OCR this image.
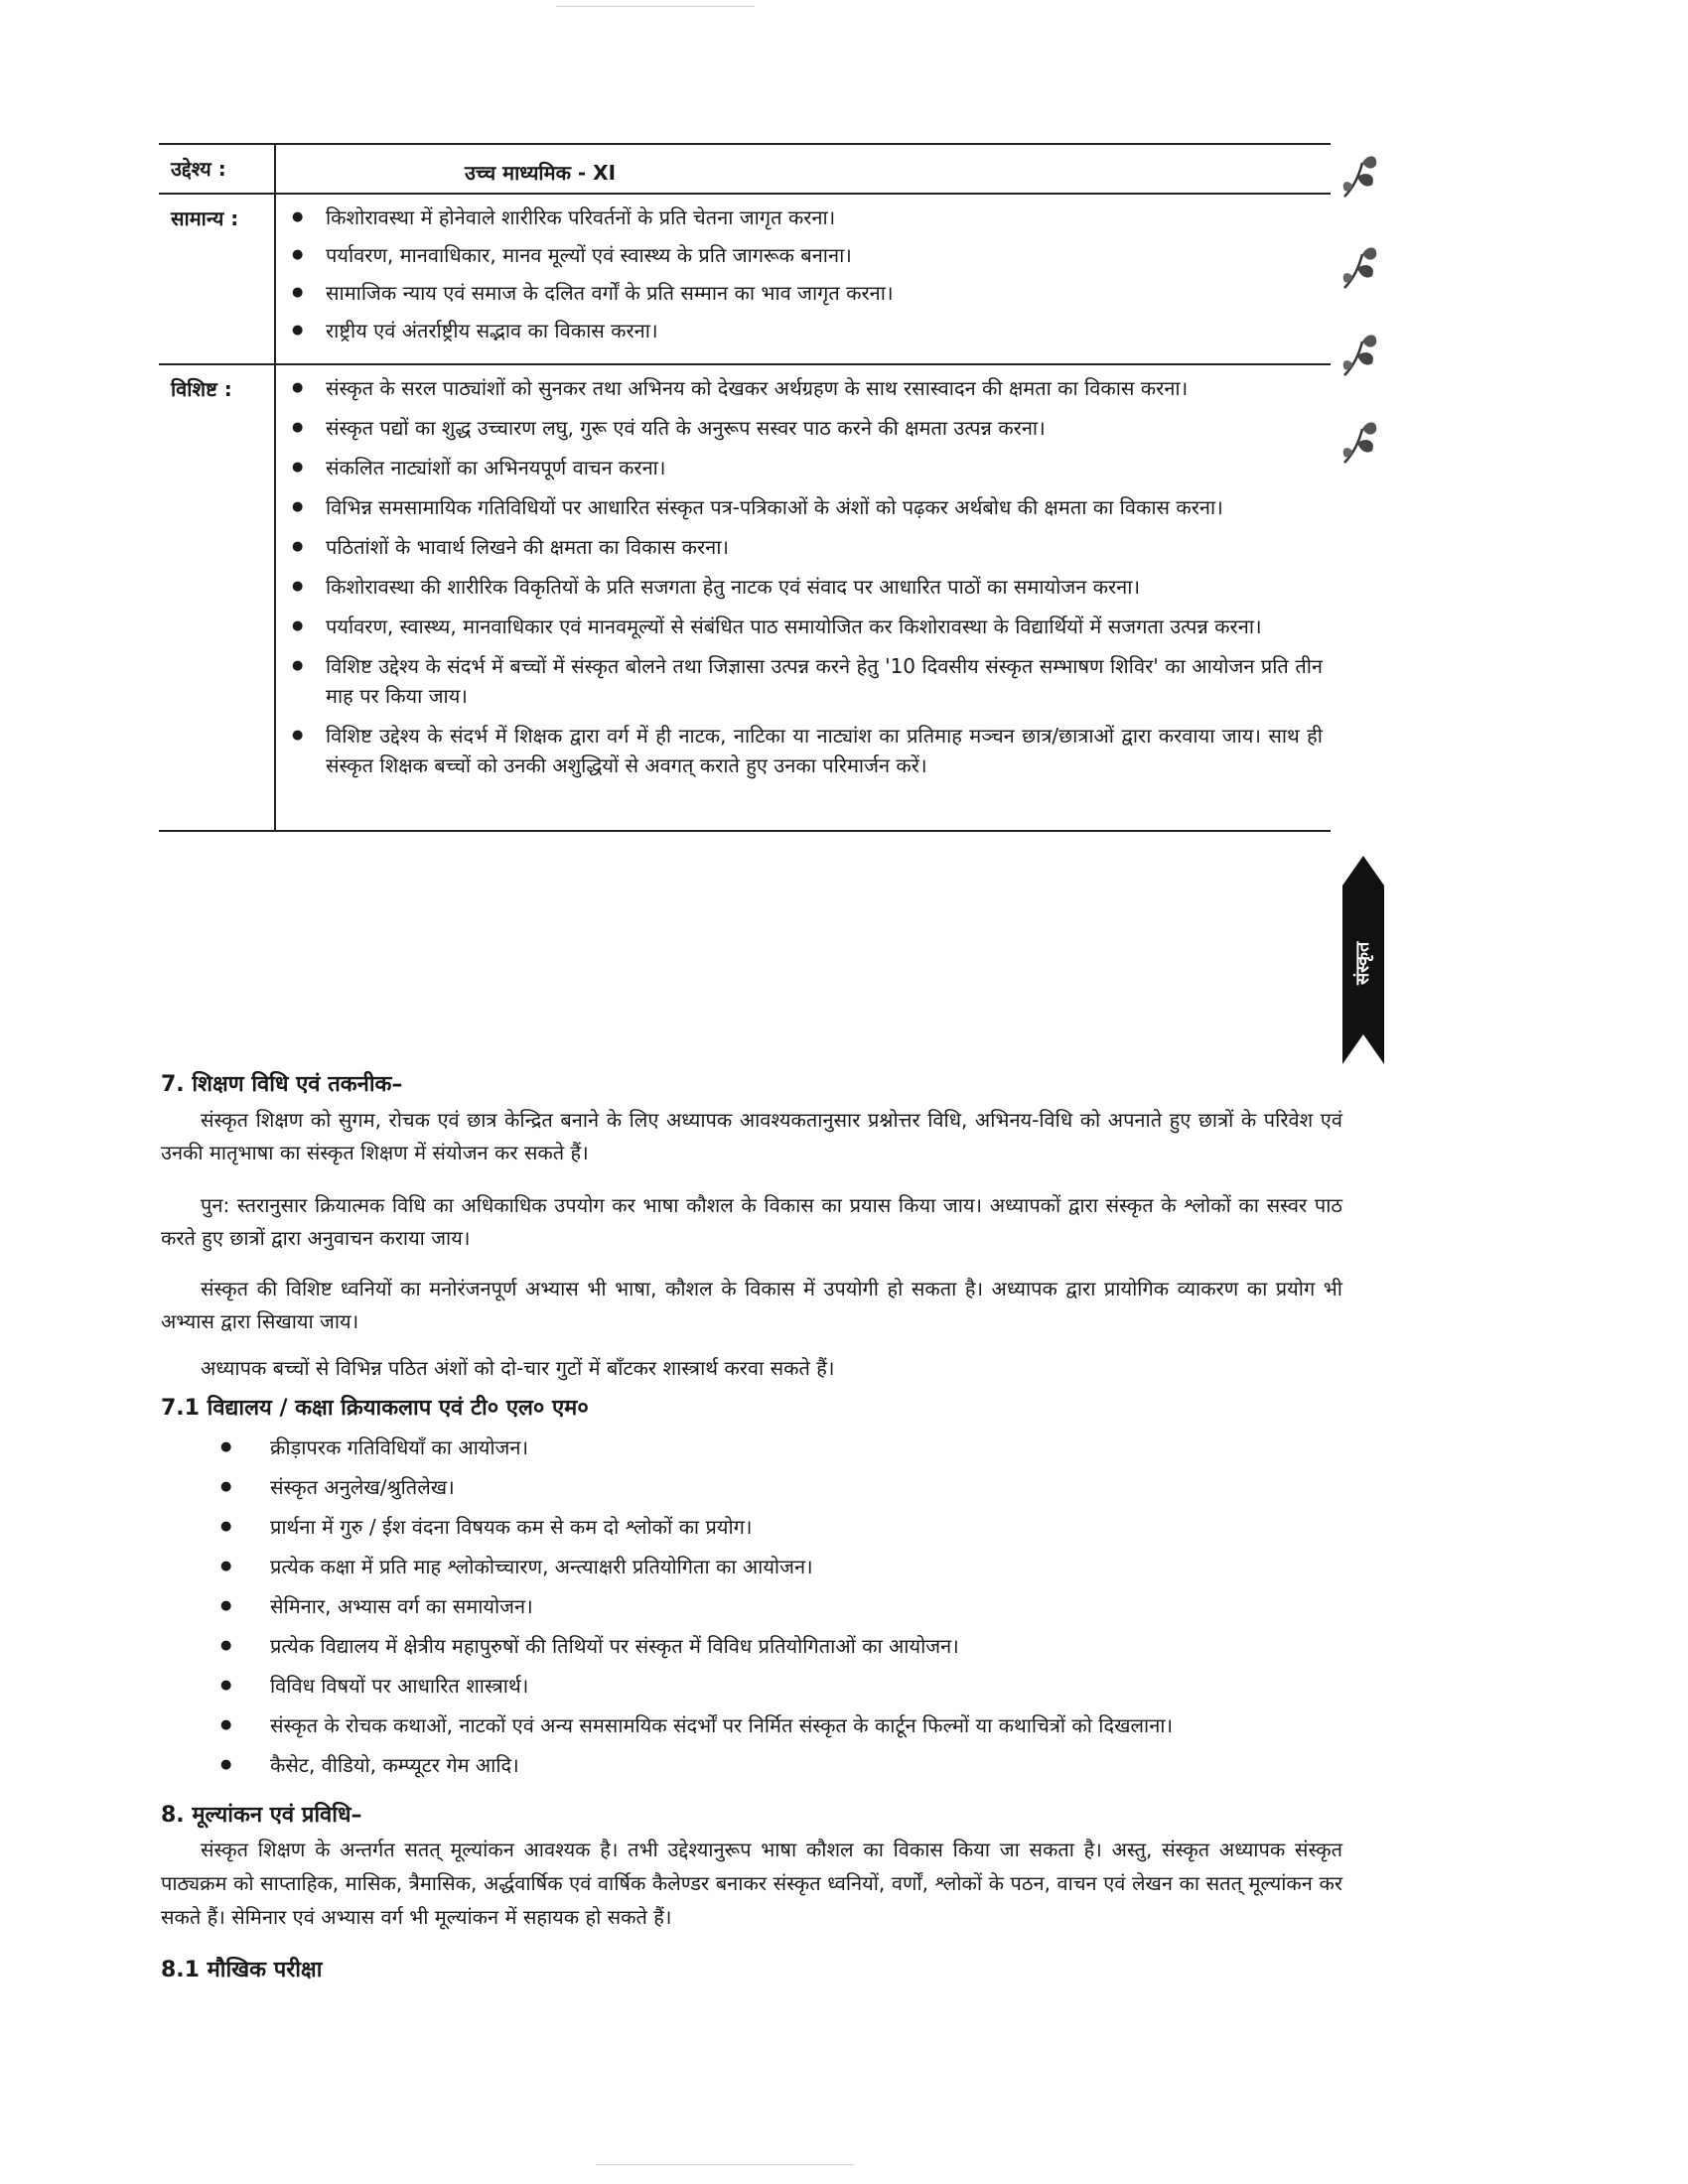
उद्देश्य :	उच्च माध्यमिक - XI
सामान्य :	● किशोरावस्था में होनेवाले शारीरिक परिवर्तनों के प्रति चेतना जागृत करना।
● पर्यावरण, मानवाधिकार, मानव मूल्यों एवं स्वास्थ्य के प्रति जागरूक बनाना।
● सामाजिक न्याय एवं समाज के दलित वर्गों के प्रति सम्मान का भाव जागृत करना।
● राष्ट्रीय एवं अंतर्राष्ट्रीय सद्भाव का विकास करना।
विशिष्ट :	● संस्कृत के सरल पाठ्यांशों को सुनकर तथा अभिनय को देखकर अर्थग्रहण के साथ रसास्वादन की क्षमता का विकास करना।
● संस्कृत पद्यों का शुद्ध उच्चारण लघु, गुरू एवं यति के अनुरूप सस्वर पाठ करने की क्षमता उत्पन्न करना।
● संकलित नाट्यांशों का अभिनयपूर्ण वाचन करना।
● विभिन्न समसामायिक गतिविधियों पर आधारित संस्कृत पत्र-पत्रिकाओं के अंशों को पढ़कर अर्थबोध की क्षमता का विकास करना।
● पठितांशों के भावार्थ लिखने की क्षमता का विकास करना।
● किशोरावस्था की शारीरिक विकृतियों के प्रति सजगता हेतु नाटक एवं संवाद पर आधारित पाठों का समायोजन करना।
● पर्यावरण, स्वास्थ्य, मानवाधिकार एवं मानवमूल्यों से संबंधित पाठ समायोजित कर किशोरावस्था के विद्यार्थियों में सजगता उत्पन्न करना।
● विशिष्ट उद्देश्य के संदर्भ में बच्चों में संस्कृत बोलने तथा जिज्ञासा उत्पन्न करने हेतु '10 दिवसीय संस्कृत सम्भाषण शिविर' का आयोजन प्रति तीन माह पर किया जाय।
● विशिष्ट उद्देश्य के संदर्भ में शिक्षक द्वारा वर्ग में ही नाटक, नाटिका या नाट्यांश का प्रतिमाह मञ्चन छात्र/छात्राओं द्वारा करवाया जाय। साथ ही संस्कृत शिक्षक बच्चों को उनकी अशुद्धियों से अवगत् कराते हुए उनका परिमार्जन करें।
संस्कृत
7. शिक्षण विधि एवं तकनीक–

संस्कृत शिक्षण को सुगम, रोचक एवं छात्र केन्द्रित बनाने के लिए अध्यापक आवश्यकतानुसार प्रश्नोत्तर विधि, अभिनय-विधि को अपनाते हुए छात्रों के परिवेश एवं उनकी मातृभाषा का संस्कृत शिक्षण में संयोजन कर सकते हैं।

पुन: स्तरानुसार क्रियात्मक विधि का अधिकाधिक उपयोग कर भाषा कौशल के विकास का प्रयास किया जाय। अध्यापकों द्वारा संस्कृत के श्लोकों का सस्वर पाठ करते हुए छात्रों द्वारा अनुवाचन कराया जाय।

संस्कृत की विशिष्ट ध्वनियों का मनोरंजनपूर्ण अभ्यास भी भाषा, कौशल के विकास में उपयोगी हो सकता है। अध्यापक द्वारा प्रायोगिक व्याकरण का प्रयोग भी अभ्यास द्वारा सिखाया जाय।

अध्यापक बच्चों से विभिन्न पठित अंशों को दो-चार गुटों में बाँटकर शास्त्रार्थ करवा सकते हैं।

7.1 विद्यालय / कक्षा क्रियाकलाप एवं टी० एल० एम०
● क्रीड़ापरक गतिविधियाँ का आयोजन।
● संस्कृत अनुलेख/श्रुतिलेख।
● प्रार्थना में गुरु / ईश वंदना विषयक कम से कम दो श्लोकों का प्रयोग।
● प्रत्येक कक्षा में प्रति माह श्लोकोच्चारण, अन्त्याक्षरी प्रतियोगिता का आयोजन।
● सेमिनार, अभ्यास वर्ग का समायोजन।
● प्रत्येक विद्यालय में क्षेत्रीय महापुरुषों की तिथियों पर संस्कृत में विविध प्रतियोगिताओं का आयोजन।
● विविध विषयों पर आधारित शास्त्रार्थ।
● संस्कृत के रोचक कथाओं, नाटकों एवं अन्य समसामयिक संदर्भों पर निर्मित संस्कृत के कार्टून फिल्मों या कथाचित्रों को दिखलाना।
● कैसेट, वीडियो, कम्प्यूटर गेम आदि।
8. मूल्यांकन एवं प्रविधि–

संस्कृत शिक्षण के अन्तर्गत सतत् मूल्यांकन आवश्यक है। तभी उद्देश्यानुरूप भाषा कौशल का विकास किया जा सकता है। अस्तु, संस्कृत अध्यापक संस्कृत पाठ्यक्रम को साप्ताहिक, मासिक, त्रैमासिक, अर्द्धवार्षिक एवं वार्षिक कैलेण्डर बनाकर संस्कृत ध्वनियों, वर्णों, श्लोकों के पठन, वाचन एवं लेखन का सतत् मूल्यांकन कर सकते हैं। सेमिनार एवं अभ्यास वर्ग भी मूल्यांकन में सहायक हो सकते हैं।

8.1 मौखिक परीक्षा
